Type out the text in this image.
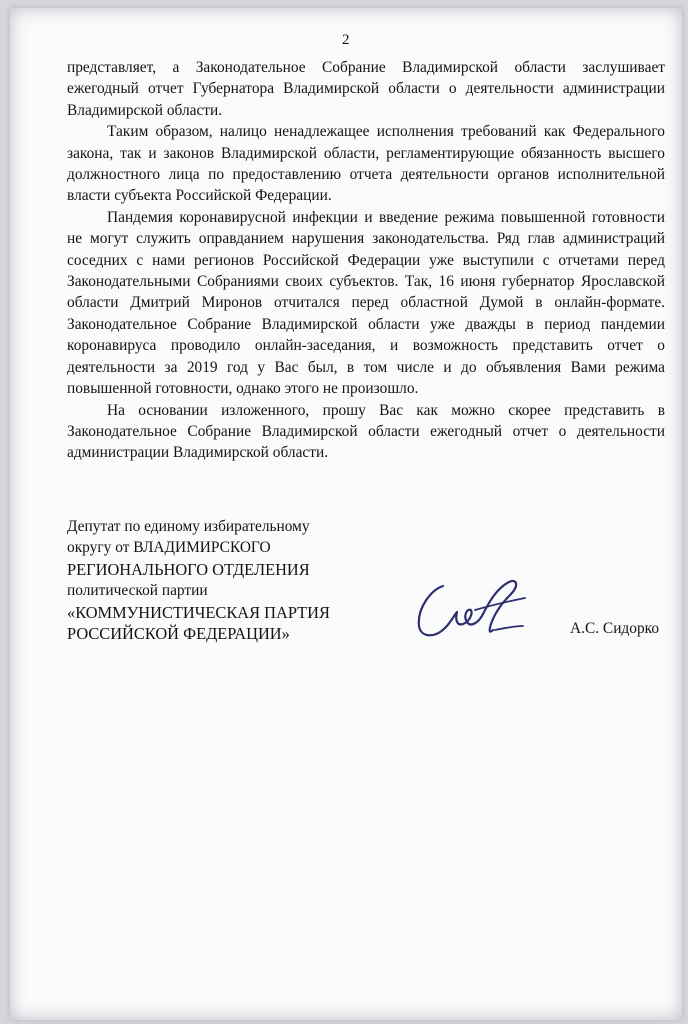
2

представляет, а Законодательное Собрание Владимирской области заслушивает ежегодный отчет Губернатора Владимирской области о деятельности администрации Владимирской области.

Таким образом, налицо ненадлежащее исполнения требований как Федерального закона, так и законов Владимирской области, регламентирующие обязанность высшего должностного лица по предоставлению отчета деятельности органов исполнительной власти субъекта Российской Федерации.

Пандемия коронавирусной инфекции и введение режима повышенной готовности не могут служить оправданием нарушения законодательства. Ряд глав администраций соседних с нами регионов Российской Федерации уже выступили с отчетами перед Законодательными Собраниями своих субъектов. Так, 16 июня губернатор Ярославской области Дмитрий Миронов отчитался перед областной Думой в онлайн-формате. Законодательное Собрание Владимирской области уже дважды в период пандемии коронавируса проводило онлайн-заседания, и возможность представить отчет о деятельности за 2019 год у Вас был, в том числе и до объявления Вами режима повышенной готовности, однако этого не произошло.

На основании изложенного, прошу Вас как можно скорее представить в Законодательное Собрание Владимирской области ежегодный отчет о деятельности администрации Владимирской области.

Депутат по единому избирательному
округу от ВЛАДИМИРСКОГО
РЕГИОНАЛЬНОГО ОТДЕЛЕНИЯ
политической партии
«КОММУНИСТИЧЕСКАЯ ПАРТИЯ
РОССИЙСКОЙ ФЕДЕРАЦИИ»	А.С. Сидорко
